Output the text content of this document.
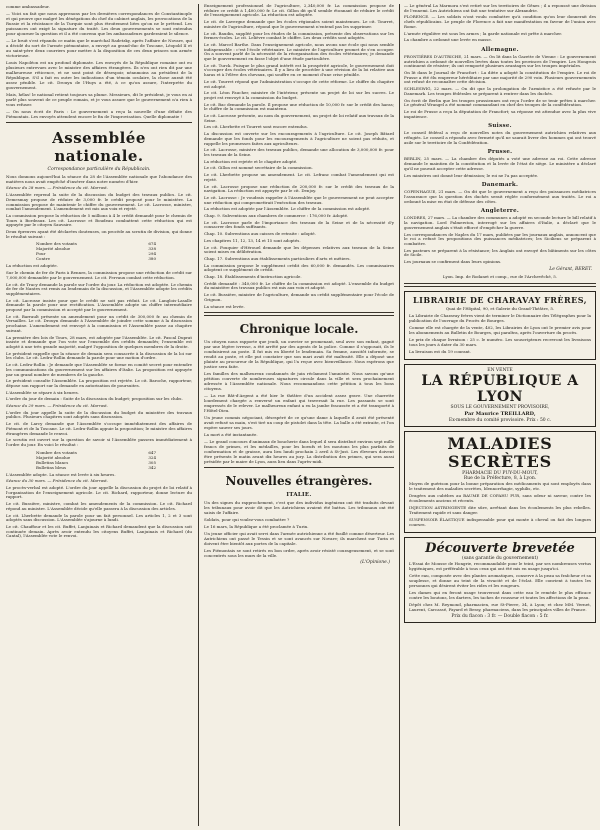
comme ambassadeur.

— Voici un fait que nous apprenons par les dernières correspondances de Constantinople et qui prouve que malgré les dénégations du chef du cabinet anglais, les provocations de la Russie et la résistance de la Turquie sont plus étroitement liées qu'on ne le prétend. Les puissances ont exigé la signature du traité. Les deux gouvernements se sont entendus pour ajourner la question et il a été convenu que les ambassadeurs garderaient le silence.

— Le bruit s'est répandu ce matin que le maréchal Radetzky, après l'affaire de Novare, qui a décidé du sort de l'armée piémontaise, a envoyé au grand-duc de Toscane, Léopold II et au saint-père deux courriers pour mettre à la disposition de ces deux princes son armée victorieuse.

Louis Napoléon est un profond diplomate. Les envoyés de la République romaine ont eu plusieurs entrevues avec le ministre des affaires étrangères. Ils n'en ont rien dit par une malheureuse réticence, et ne sont point de désespoir, néanmoins au président de la République. S'il a fait en outre les indications d'un témoin oculaire, la chose aurait été assez pénible. Le cit. Drouyn de l'Huys a été, à ce qu'on assure, l'interprète du gouvernement.

Mais, hélas! le national retient toujours sa plume. Messieurs, dit le président, je vous en ai parlé plus souvent de ce peuple romain, et je vous assure que le gouvernement n'a rien à vous refuser.

— On nous écrit de Paris : Le gouvernement a reçu la nouvelle d'une défaite des Piémontais. Les envoyés attendent encore le fin de l'improvisation. Quelle diplomatie !

Assemblée nationale.
Correspondance particulière du Républicain.

Nous donnons aujourd'hui la séance du 28 de l'Assemblée nationale que l'abondance des matières nous avait empêché d'insérer dans notre numéro d'hier.

Séance du 28 mars. — Présidence du cit. Marrast.

L'Assemblée reprend la suite de la discussion du budget des travaux publics. Le cit. Demesmay propose de réduire de 3,000 fr. le crédit proposé pour le ministère. La commission propose de maintenir le chiffre du gouvernement. Le cit. Lacrosse, ministre, combat l'amendement. L'amendement est mis aux voix et rejeté.

La commission propose la réduction de 5 millions à 4 le crédit demandé pour le chemin de Tours à Bordeaux. Les cit. Lacrosse et Boudeau combattent cette réduction qui est appuyée par le citoyen Sauvaire.

Deux épreuves ayant été déclarées douteuses, on procède au scrutin de division, qui donne le résultat suivant :

Nombre des votants	674
Majorité absolue	338
Pour	294
Contre	380

La réduction est adoptée.

Sur le chemin de fer de Paris à Rennes, la commission propose une réduction de crédit sur 7,000,000 demandée par le gouvernement. Le cit. Fervaux combat cette réduction.

Le cit. de Tracy demande la parole sur l'ordre du jour. La réduction est adoptée. Le chemin de fer de Nantes est remis au lendemain de la discussion, et l'Assemblée adopte les crédits supplémentaires.

Le cit. Lacrosse insiste pour que le crédit ne soit pas réduit. Le cit. Langlois-Lasalle demande la parole pour une rectification. L'Assemblée adopte un chiffre intermédiaire proposé par la commission et accepté par le gouvernement.

Le cit. Barrault présente un amendement pour un crédit de 300,000 fr. au chemin de Versailles. Le cit. Drouyn demande à l'Assemblée de joindre cette somme à la discussion prochaine. L'amendement est renvoyé à la commission et l'Assemblée passe au chapitre suivant.

La première des lois de Tours, 28 mars, est adoptée par l'Assemblée. Le cit. Pascal Duprat insiste et demande que l'on vote sur l'ensemble des crédits demandés; l'ensemble est adopté à une très grande majorité, malgré l'opposition de quelques membres de la droite.

Le président rappelle que la séance de demain sera consacrée à la discussion de la loi sur les clubs. Le cit. Ledru-Rollin demande la parole pour une motion d'ordre.

Le cit. Ledru-Rollin : Je demande que l'Assemblée se forme en comité secret pour entendre les communications du gouvernement sur les affaires d'Italie. La proposition est appuyée par un grand nombre de membres de la gauche.

Le président consulte l'Assemblée. La proposition est rejetée. Le cit. Baroche, rapporteur, dépose son rapport sur la demande en autorisation de poursuites.

L'Assemblée se sépare à six heures.

L'ordre du jour de demain : Suite de la discussion du budget; proposition sur les clubs.

Séance du 29 mars. — Présidence du cit. Marrast.

L'ordre du jour appelle la suite de la discussion du budget du ministère des travaux publics. Plusieurs chapitres sont adoptés sans discussion.

Le cit. de Larcy demande que l'Assemblée s'occupe immédiatement des affaires de Piémont et de la Toscane. Le cit. Ledru-Rollin appuie la proposition; le ministre des affaires étrangères demande le renvoi.

Le scrutin est ouvert sur la question de savoir si l'Assemblée passera immédiatement à l'ordre du jour. En voici le résultat :

Nombre des votants	647
Majorité absolue	324
Bulletins blancs	305
Bulletins bleus	342

L'Assemblée adopte. La séance est levée à six heures.

Séance du 30 mars. — Présidence du cit. Marrast.

Le procès-verbal est adopté. L'ordre du jour appelle la discussion du projet de loi relatif à l'organisation de l'enseignement agricole. Le cit. Richard, rapporteur, donne lecture du rapport.

Le cit. Bussière, ministre, combat les amendements de la commission. Le cit. Richard répond au ministre. L'Assemblée décide qu'elle passera à la discussion des articles.

Le cit. Lherbette demande la parole pour un fait personnel. Les articles 1, 2 et 3 sont adoptés sans discussion. L'Assemblée s'ajourne à lundi.

Le cit. Chauffour et les cit. Buffet, Lanjuinais et Richard demandent que la discussion soit continuée demain. Après avoir entendu les citoyens Buffet, Lanjuinais et Richard (du Cantal), l'Assemblée vote le renvoi.

Enseignement professionnel de l'agriculture, 2,340,000 fr. La commission propose de réduire ce crédit à 1,400,000 fr. Le cit. Gillon dit qu'il semble étonnant de réduire le crédit de l'enseignement agricole. La réduction est adoptée.

Le cit. de Lavergne demande que les écoles régionales soient maintenues. Le cit. Tourret, ministre de l'agriculture, répond que le gouvernement n'entend pas les supprimer.

Le cit. Baudin, suppléé pour les études de la commission, présente des observations sur les fermes-écoles. Le cit. Lelièvre combat le chiffre. Les deux crédits sont adoptés.

Le cit. Marcel Barthe. Dans l'enseignement agricole, nous avons une école qui nous semble indispensable : c'est l'école vétérinaire. Le ministre de l'agriculture promet de s'en occuper. On a souvent parlé de la nécessité de la réorganisation des écoles vétérinaires; je demande que le gouvernement en fasse l'objet d'une étude particulière.

Le cit. Turck. Puisque le plus grand intérêt est la prospérité agricole, le gouvernement doit s'occuper des écoles vétérinaires. Il y a lieu de procéder à une révision de la loi relative aux haras et à l'élève des chevaux, qui souffre en ce moment d'une crise pénible.

Le cit. Tourret répond que l'administration s'occupe de cette réforme. Le chiffre du chapitre est adopté.

Le cit. Léon Faucher, ministre de l'intérieur, présente un projet de loi sur les sucres. Le projet est renvoyé à la commission du budget.

Le cit. Bac demande la parole. Il propose une réduction de 10,000 fr. sur le crédit des haras; le chiffre de la commission est maintenu.

Le cit. Lacrosse présente, au nom du gouvernement, un projet de loi relatif aux travaux de la Seine.

Les cit. Lherbette et Tourret sont encore entendus.

La discussion est ouverte sur les encouragements à l'agriculture. Le cit. Joseph Bâtard demande que les fonds pour les encouragements à l'agriculture ne soient pas réduits, et rappelle les promesses faites aux agriculteurs.

Le cit. Lacrosse, ministre des travaux publics, demande une allocation de 3,000,000 fr. pour les travaux de la Seine.

La réduction est rejetée et le chapitre adopté.

Le cit. Gillon est nommé secrétaire de la commission.

Le cit. Lherbette propose un amendement. Le cit. Lefranc combat l'amendement qui est rejeté.

Le cit. Lacrosse propose une réduction de 200,000 fr. sur le crédit des travaux de la navigation. La réduction est appuyée par le cit. Denjoy.

Le cit. Lacrosse : Je voudrais rappeler à l'Assemblée que le gouvernement ne peut accepter une réduction qui compromettrait l'exécution des travaux.

La réduction est adoptée par l'Assemblée. Le chiffre de la commission est adopté.

Chap. 9. Subventions aux chambres de commerce : 176,000 fr. Adopté.

Le cit. Lacrosse parle de l'importance des travaux de la Seine et de la nécessité d'y consacrer des fonds suffisants.

Chap. 10. Subventions aux caisses de retraite : adopté.

Les chapitres 11, 12, 13, 14 et 15 sont adoptés.

Le cit. Fouquier d'Hérouel demande que les dépenses relatives aux travaux de la Seine soient mises en délibération.

Chap. 17. Subventions aux établissements particuliers d'arts et métiers.

La commission propose le supplément crédit des 60,000 fr. demandés. Les commissaires adoptent ce supplément de crédit.

Chap. 18. Établissements d'instruction agricole.

Crédit demandé : 340,000 fr. Le chiffre de la commission est adopté. L'ensemble du budget du ministère des travaux publics est mis aux voix et adopté.

Le cit. Bussière, ministre de l'agriculture, demande un crédit supplémentaire pour l'école de Grignon.

La séance est levée.

Chronique locale.

Un citoyen nous rapporte que jeudi, un ouvrier se promenant, seul avec son enfant, gagné par une légère ivresse, a été arrêté par des agents de la police. Comme il s'opposait, ils le conduisirent au poste. Il fut mis en liberté le lendemain. Sa femme, aussitôt informée, se rendit au poste, et elle put constater que son mari avait été maltraité. Elle a déposé une plainte au procureur de la République, qui l'a reçue avec bienveillance. Nous espérons que justice sera faite.

Les familles des malheureux condamnés de juin réclament l'amnistie. Nous savons qu'une pétition couverte de nombreuses signatures circule dans la ville et sera prochainement adressée à l'Assemblée nationale. Nous recommandons cette pétition à tous les bons citoyens.

— La rue Bât-d'Argent a été hier le théâtre d'un accident assez grave. Une charrette lourdement chargée a renversé un enfant qui traversait la rue. Les passants se sont empressés de le relever. Le malheureux enfant a eu la jambe fracassée et a été transporté à l'Hôtel-Dieu.

Un jeune commis négociant, désespéré de ce qu'une dame à laquelle il avait été présenté avait refusé sa main, s'est tiré un coup de pistolet dans la tête. La balle a été extraite, et l'on espère sauver ses jours.

La mort a été instantanée.

— Le grand concours d'animaux de boucherie dans lequel il sera distribué environ sept mille francs de primes, et les médailles, pour les boeufs et les moutons les plus parfaits de conformation et de graisse, aura lieu lundi prochain 2 avril à St-Just. Les éleveurs doivent être présents le matin avant dix heures au jury. La distribution des primes, qui sera aussi présidée par le maire de Lyon, aura lieu dans l'après-midi.

Nouvelles étrangères.
ITALIE.

Un des signes du rapprochement, c'est que des individus ingénieux ont été traduits devant les tribunaux pour avoir dit que les Autrichiens avaient été battus. Les tribunaux ont été saisis de l'affaire.

Soldats, pour qui voulez-vous combattre ?

Le 16 mars, la République a été proclamée à Turin.

Un jeune officier qui avait servi dans l'armée autrichienne a été fusillé comme déserteur. Les Autrichiens ont passé le Tessin et se sont avancés sur Novare; ils marchent sur Turin et doivent être bientôt aux portes de la capitale.

Les Piémontais se sont retirés en bon ordre, après avoir résisté courageusement, et se sont concentrés sous les murs de la ville.

(L'Opinione.)

— Le général La Marmora s'est retiré sur les territoires de Gênes ; il a repoussé une division de l'ennemi. Les Autrichiens ont fait une tentative sur Alexandrie.

FLORENCE. — Les soldats n'ont voulu combattre qu'à condition qu'on leur donnerait des chefs républicains. Le peuple de Florence a fait une manifestation en faveur de l'union avec Rome.

L'armée régulière est sous les armes ; la garde nationale est prête à marcher.

La chambre a ordonné une levée en masse.

Allemagne.

FRONTIÈRES D'AUTRICHE, 21 mars. — On lit dans la Gazette de Vienne : Le gouvernement autrichien a ordonné de nouvelles levées dans toutes les provinces de l'empire. Les Hongrois continuent de résister; ils ont remporté plusieurs avantages sur les troupes impériales.

On lit dans le Journal de Francfort : La diète a adopté la constitution de l'empire. Le roi de Prusse a été élu empereur héréditaire par une majorité de 290 voix. Plusieurs gouvernements ont refusé de reconnaître cette décision.

SCHLESWIG, 22 mars. — On dit que la prolongation de l'armistice a été refusée par le Danemark. Les troupes fédérales se préparent à rentrer dans les duchés.

On écrit de Berlin que les troupes prussiennes ont reçu l'ordre de se tenir prêtes à marcher. Le général Wrangel a été nommé commandant en chef des troupes de la confédération.

Le roi de Prusse a reçu la députation de Francfort; sa réponse est attendue avec la plus vive impatience.

Suisse.

Le conseil fédéral a reçu de nouvelles notes du gouvernement autrichien relatives aux réfugiés. Le conseil a répondu avec fermeté qu'il ne saurait livrer des hommes qui ont trouvé asile sur le territoire de la Confédération.

Prusse.

BERLIN, 25 mars. — La chambre des députés a voté une adresse au roi. Cette adresse demande le maintien de la constitution et la levée de l'état de siège. Le ministère a déclaré qu'il ne pouvait accepter cette adresse.

Les ministres ont donné leur démission; le roi ne l'a pas acceptée.

Danemark.

COPENHAGUE, 21 mars. — On dit que le gouvernement a reçu des puissances médiatrices l'assurance que la question des duchés serait réglée conformément aux traités. Le roi a ordonné la mise en état de défense des côtes.

Angleterre.

LONDRES, 27 mars. — La chambre des communes a adopté en seconde lecture le bill relatif à la navigation. Lord Palmerston, interrogé sur les affaires d'Italie, a déclaré que le gouvernement anglais s'était efforcé d'empêcher la guerre.

Les correspondances de Naples du 17 mars, publiées par les journaux anglais, annoncent que le roi a refusé les propositions des puissances médiatrices; les Siciliens se préparent à combattre.

Les pasteurs se préparent à la résistance; les Anglais ont envoyé des bâtiments sur les côtes de Sicile.

Les journaux se confirment dans leurs opinions.

Le Gérant, BERET.
Lyon. Imp. de Rodanet et comp., rue de l'Archevêché, 5.
LIBRAIRIE DE CHARAVAY FRÈRES,
Quai de l'Hôpital, 90, et Galerie du Grand-Théâtre, 5.

La Librairie de Charavay frères vient de terminer le Dictionnaire des Télégraphes pour la publication de l'ouvrage du Procès de Bourges.

Comme elle est chargée de la vente, 402, les Librairies de Lyon ont le premier avis pour les abonnements au Bulletin de Bourges, qui paraîtra, après l'ouverture du procès.

Le prix de chaque livraison : 25 c. le numéro. Les souscripteurs recevront les livraisons tous les jours à dater du 30 mars.

La livraison est du 19 courant.

EN VENTE
LA RÉPUBLIQUE A LYON
SOUS LE GOUVERNEMENT PROVISOIRE,
Par Maurice TREILLARD,
Ex-membre du comité provisoire. Prix : 50 c.
MALADIES SECRÈTES
PHARMACIE DU PUY-DU-MOUT,
Rue de la Préfecture, 8, à Lyon.

Moyen de guérison pour la bonne préparation des médicaments qui sont employés dans le traitement des maladies secrètes, blennorrhagie, syphilis, etc.

Dragées aux cubèbes au BAUME DE COPAHU PUR, sans odeur ni saveur, contre les écoulements anciens et récents.

INJECTION ASTRINGENTE dite sûre, arrêtant dans les écoulements les plus rebelles. Traitement rapide et sans danger.

SUSPENSOIR ÉLASTIQUE indispensable pour qui monte à cheval ou fait des longues courses.

Découverte brevetée
(sans garantie du gouvernement)

L'Essai de Mousse de Hongrie, recommandable pour le teint, par ses nombreuses vertus hygiéniques, est préférable à tous ceux qui ont été mis en usage jusqu'ici.

Cette eau, composée avec des plantes aromatiques, conserve à la peau sa fraîcheur et sa souplesse, et donne au teint de la vivacité et de l'éclat. Elle convient à toutes les personnes qui désirent éviter les rides et les rougeurs.

Les dames qui en feront usage trouveront dans cette eau le remède le plus efficace contre les boutons, les dartres, les taches de rousseur et toutes les affections de la peau.

Dépôt chez M. Reymond, pharmacien, rue St-Pierre, 34, à Lyon; et chez MM. Vernet, Laurent, Carcassé, Fayard et Bessy, pharmaciens, dans les principales villes de France.

Prix du flacon : 3 fr. — Double flacon : 5 fr.
